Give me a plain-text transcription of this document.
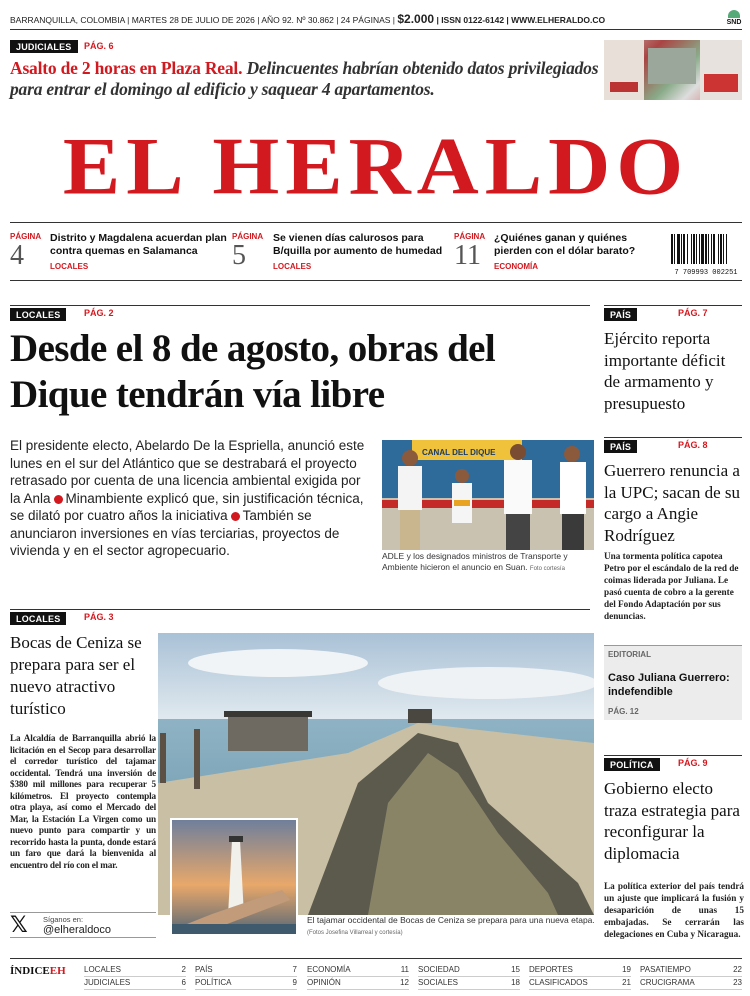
BARRANQUILLA, COLOMBIA | MARTES 28 DE JULIO DE 2026 | AÑO 92. Nº 30.862 | 24 PÁGINAS | $2.000 | ISSN 0122-6142 | WWW.ELHERALDO.CO	SND
JUDICIALES	PÁG. 6
Asalto de 2 horas en Plaza Real. Delincuentes habrían obtenido datos privilegiados para entrar el domingo al edificio y saquear 4 apartamentos.
EL HERALDO
PÁGINA
4
Distrito y Magdalena acuerdan plan contra quemas en Salamanca
LOCALES
PÁGINA
5
Se vienen días calurosos para B/quilla por aumento de humedad
LOCALES
PÁGINA
11
¿Quiénes ganan y quiénes pierden con el dólar barato?
ECONOMÍA
7 709993 002251
LOCALES	PÁG. 2
Desde el 8 de agosto, obras del Dique tendrán vía libre
El presidente electo, Abelardo De la Espriella, anunció este lunes en el sur del Atlántico que se destrabará el proyecto retrasado por cuenta de una licencia ambiental exigida por la Anla Minambiente explicó que, sin justificación técnica, se dilató por cuatro años la iniciativa También se anunciaron inversiones en vías terciarias, proyectos de vivienda y en el sector agropecuario.
CANAL DEL DIQUE
ADLE y los designados ministros de Transporte y Ambiente hicieron el anuncio en Suan. Foto cortesía
LOCALES	PÁG. 3
Bocas de Ceniza se prepara para ser el nuevo atractivo turístico
La Alcaldía de Barranquilla abrió la licitación en el Secop para desarrollar el corredor turístico del tajamar occidental. Tendrá una inversión de $380 mil millones para recuperar 5 kilómetros. El proyecto contempla otra playa, así como el Mercado del Mar, la Estación La Virgen como un nuevo punto para compartir y un recorrido hasta la punta, donde estará un faro que dará la bienvenida al encuentro del río con el mar.
El tajamar occidental de Bocas de Ceniza se prepara para una nueva etapa. (Fotos Josefina Villarreal y cortesía)
𝕏 Síganos en:
@elheraldoco
PAÍS	PÁG. 7
Ejército reporta importante déficit de armamento y presupuesto
PAÍS	PÁG. 8
Guerrero renuncia a la UPC; sacan de su cargo a Angie Rodríguez
Una tormenta política capotea Petro por el escándalo de la red de coimas liderada por Juliana. Le pasó cuenta de cobro a la gerente del Fondo Adaptación por sus denuncias.
EDITORIAL
Caso Juliana Guerrero: indefendible
PÁG. 12
POLÍTICA	PÁG. 9
Gobierno electo traza estrategia para reconfigurar la diplomacia
La política exterior del país tendrá un ajuste que implicará la fusión y desaparición de unas 15 embajadas. Se cerrarán las delegaciones en Cuba y Nicaragua.
ÍNDICEEH LOCALES	2
JUDICIALES	6
PAÍS	7
POLÍTICA	9
ECONOMÍA	11
OPINIÓN	12
SOCIEDAD	15
SOCIALES	18
DEPORTES	19
CLASIFICADOS	21
PASATIEMPO	22
CRUCIGRAMA	23
